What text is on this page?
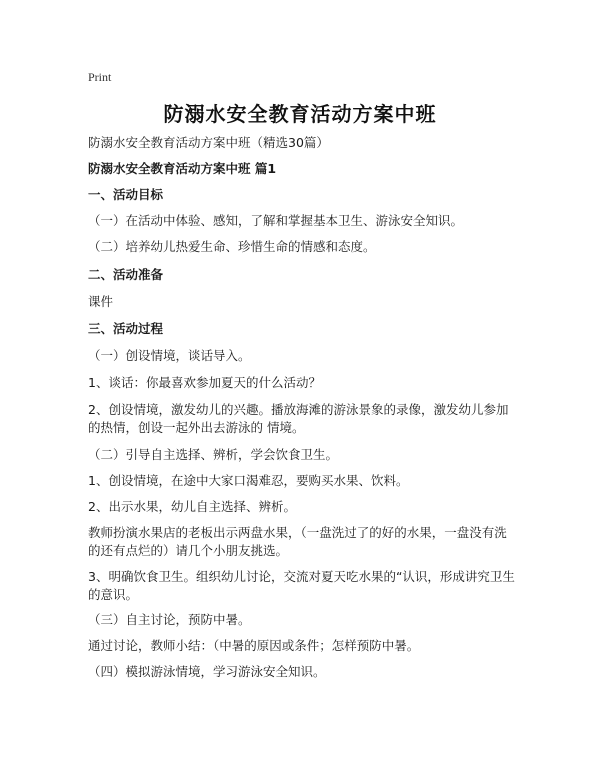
Print
防溺水安全教育活动方案中班
防溺水安全教育活动方案中班（精选30篇）
防溺水安全教育活动方案中班 篇1
一、活动目标
（一）在活动中体验、感知，了解和掌握基本卫生、游泳安全知识。
（二）培养幼儿热爱生命、珍惜生命的情感和态度。
二、活动准备
课件
三、活动过程
（一）创设情境，谈话导入。
1、谈话：你最喜欢参加夏天的什么活动？
2、创设情境，激发幼儿的兴趣。播放海滩的游泳景象的录像，激发幼儿参加的热情，创设一起外出去游泳的 情境。
（二）引导自主选择、辨析，学会饮食卫生。
1、创设情境，在途中大家口渴难忍，要购买水果、饮料。
2、出示水果，幼儿自主选择、辨析。
教师扮演水果店的老板出示两盘水果，（一盘洗过了的好的水果，一盘没有洗的还有点烂的）请几个小朋友挑选。
3、明确饮食卫生。组织幼儿讨论，交流对夏天吃水果的“认识，形成讲究卫生的意识。
（三）自主讨论，预防中暑。
通过讨论，教师小结：（中暑的原因或条件；怎样预防中暑。
（四）模拟游泳情境，学习游泳安全知识。
